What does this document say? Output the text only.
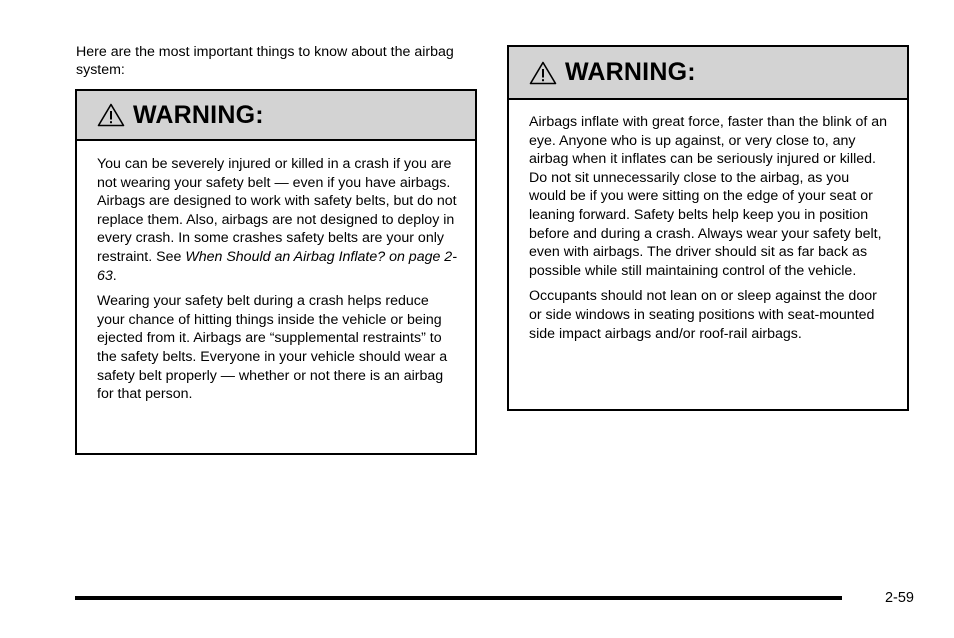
Here are the most important things to know about the airbag system:
WARNING:

You can be severely injured or killed in a crash if you are not wearing your safety belt — even if you have airbags. Airbags are designed to work with safety belts, but do not replace them. Also, airbags are not designed to deploy in every crash. In some crashes safety belts are your only restraint. See When Should an Airbag Inflate? on page 2-63.

Wearing your safety belt during a crash helps reduce your chance of hitting things inside the vehicle or being ejected from it. Airbags are “supplemental restraints” to the safety belts. Everyone in your vehicle should wear a safety belt properly — whether or not there is an airbag for that person.

WARNING:

Airbags inflate with great force, faster than the blink of an eye. Anyone who is up against, or very close to, any airbag when it inflates can be seriously injured or killed. Do not sit unnecessarily close to the airbag, as you would be if you were sitting on the edge of your seat or leaning forward. Safety belts help keep you in position before and during a crash. Always wear your safety belt, even with airbags. The driver should sit as far back as possible while still maintaining control of the vehicle.

Occupants should not lean on or sleep against the door or side windows in seating positions with seat-mounted side impact airbags and/or roof-rail airbags.

2-59
